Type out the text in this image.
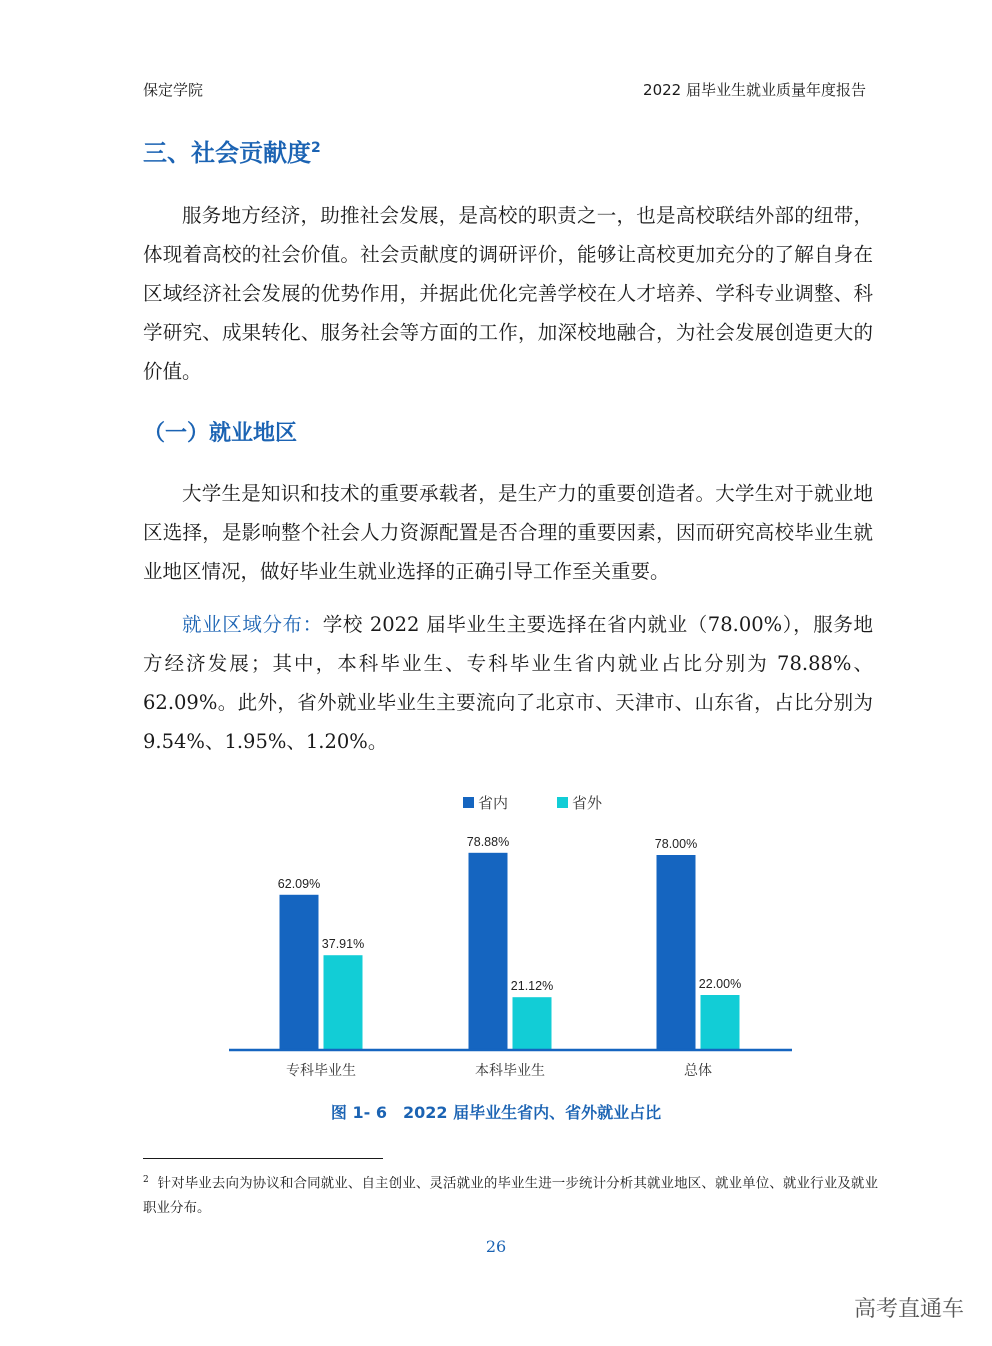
保定学院	2022 届毕业生就业质量年度报告
三、社会贡献度$^2$
服务地方经济，助推社会发展，是高校的职责之一，也是高校联结外部的纽带，体现着高校的社会价值。社会贡献度的调研评价，能够让高校更加充分的了解自身在区域经济社会发展的优势作用，并据此优化完善学校在人才培养、学科专业调整、科学研究、成果转化、服务社会等方面的工作，加深校地融合，为社会发展创造更大的价值。
（一）就业地区
大学生是知识和技术的重要承载者，是生产力的重要创造者。大学生对于就业地区选择，是影响整个社会人力资源配置是否合理的重要因素，因而研究高校毕业生就业地区情况，做好毕业生就业选择的正确引导工作至关重要。
就业区域分布：学校 2022 届毕业生主要选择在省内就业（78.00%），服务地方经济发展；其中，本科毕业生、专科毕业生省内就业占比分别为 78.88%、62.09%。此外，省外就业毕业生主要流向了北京市、天津市、山东省，占比分别为 9.54%、1.95%、1.20%。
省内	省外
62.09%
37.91%
专科毕业生
78.88%
21.12%
本科毕业生
78.00%
22.00%
总体
图 1- 6　2022 届毕业生省内、省外就业占比
$^2$ 针对毕业去向为协议和合同就业、自主创业、灵活就业的毕业生进一步统计分析其就业地区、就业单位、就业行业及就业职业分布。
26
高考直通车
